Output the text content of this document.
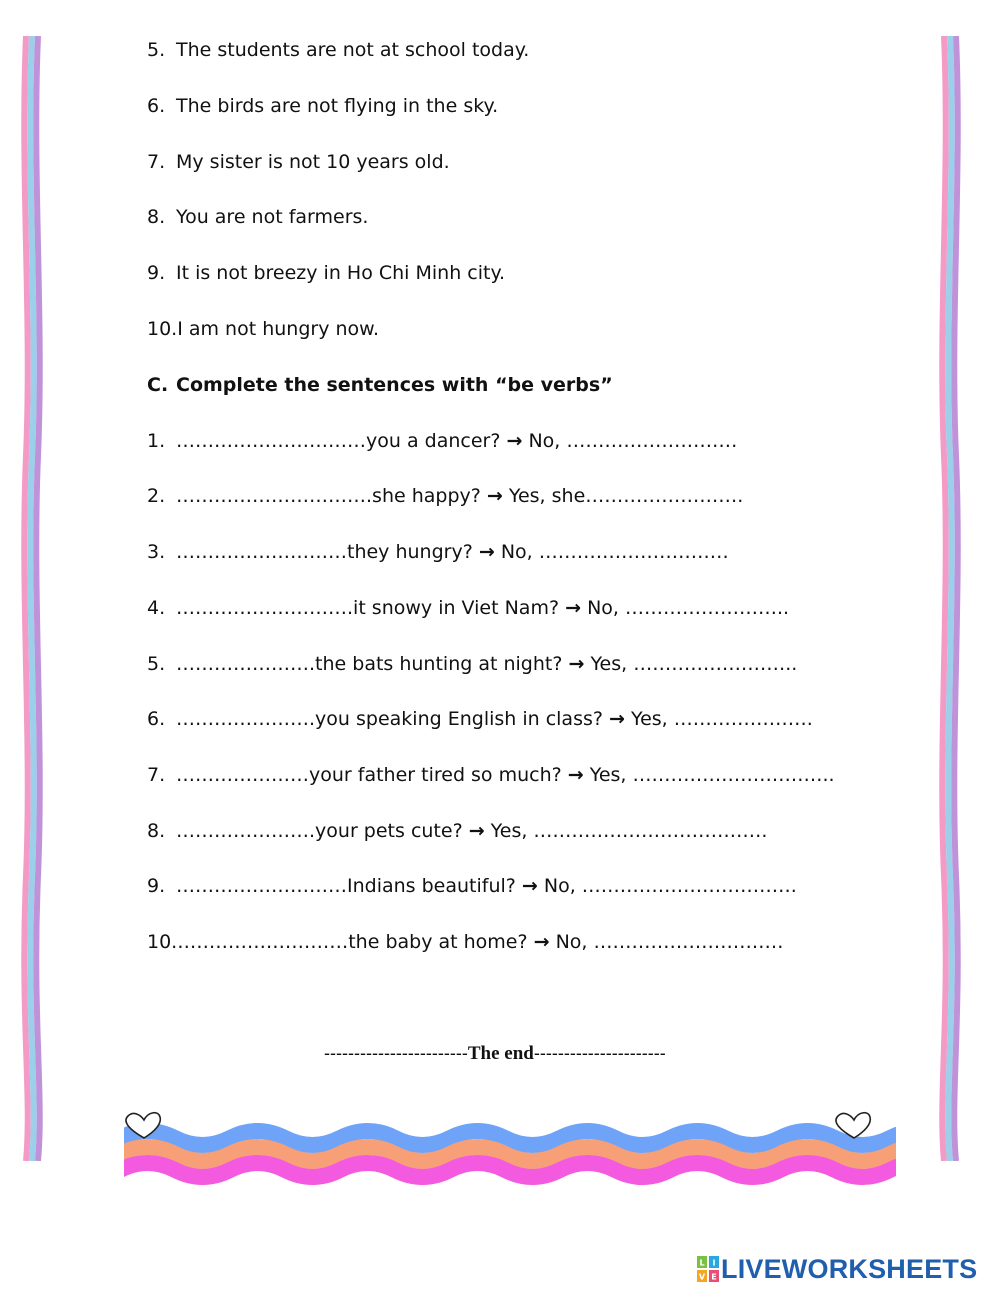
5. The students are not at school today.
6. The birds are not flying in the sky.
7. My sister is not 10 years old.
8. You are not farmers.
9. It is not breezy in Ho Chi Minh city.
10.I am not hungry now.
C. Complete the sentences with “be verbs”
1. …………………………you a dancer? → No, ………………………
2. ………………………….she happy? → Yes, she…………………….
3. ………………………they hungry? → No, …………………………
4. ……………………….it snowy in Viet Nam? → No, ……………………..
5. ………………….the bats hunting at night? → Yes, ……………………..
6. ………………….you speaking English in class? → Yes, ………………….
7. …………………your father tired so much? → Yes, …………………………..
8. ………………….your pets cute? → Yes, ……………………………….
9. ………………………Indians beautiful? → No, …………………………….
10.………………………the baby at home? → No, …………………………
------------------------The end----------------------
L I
V E LIVEWORKSHEETS
